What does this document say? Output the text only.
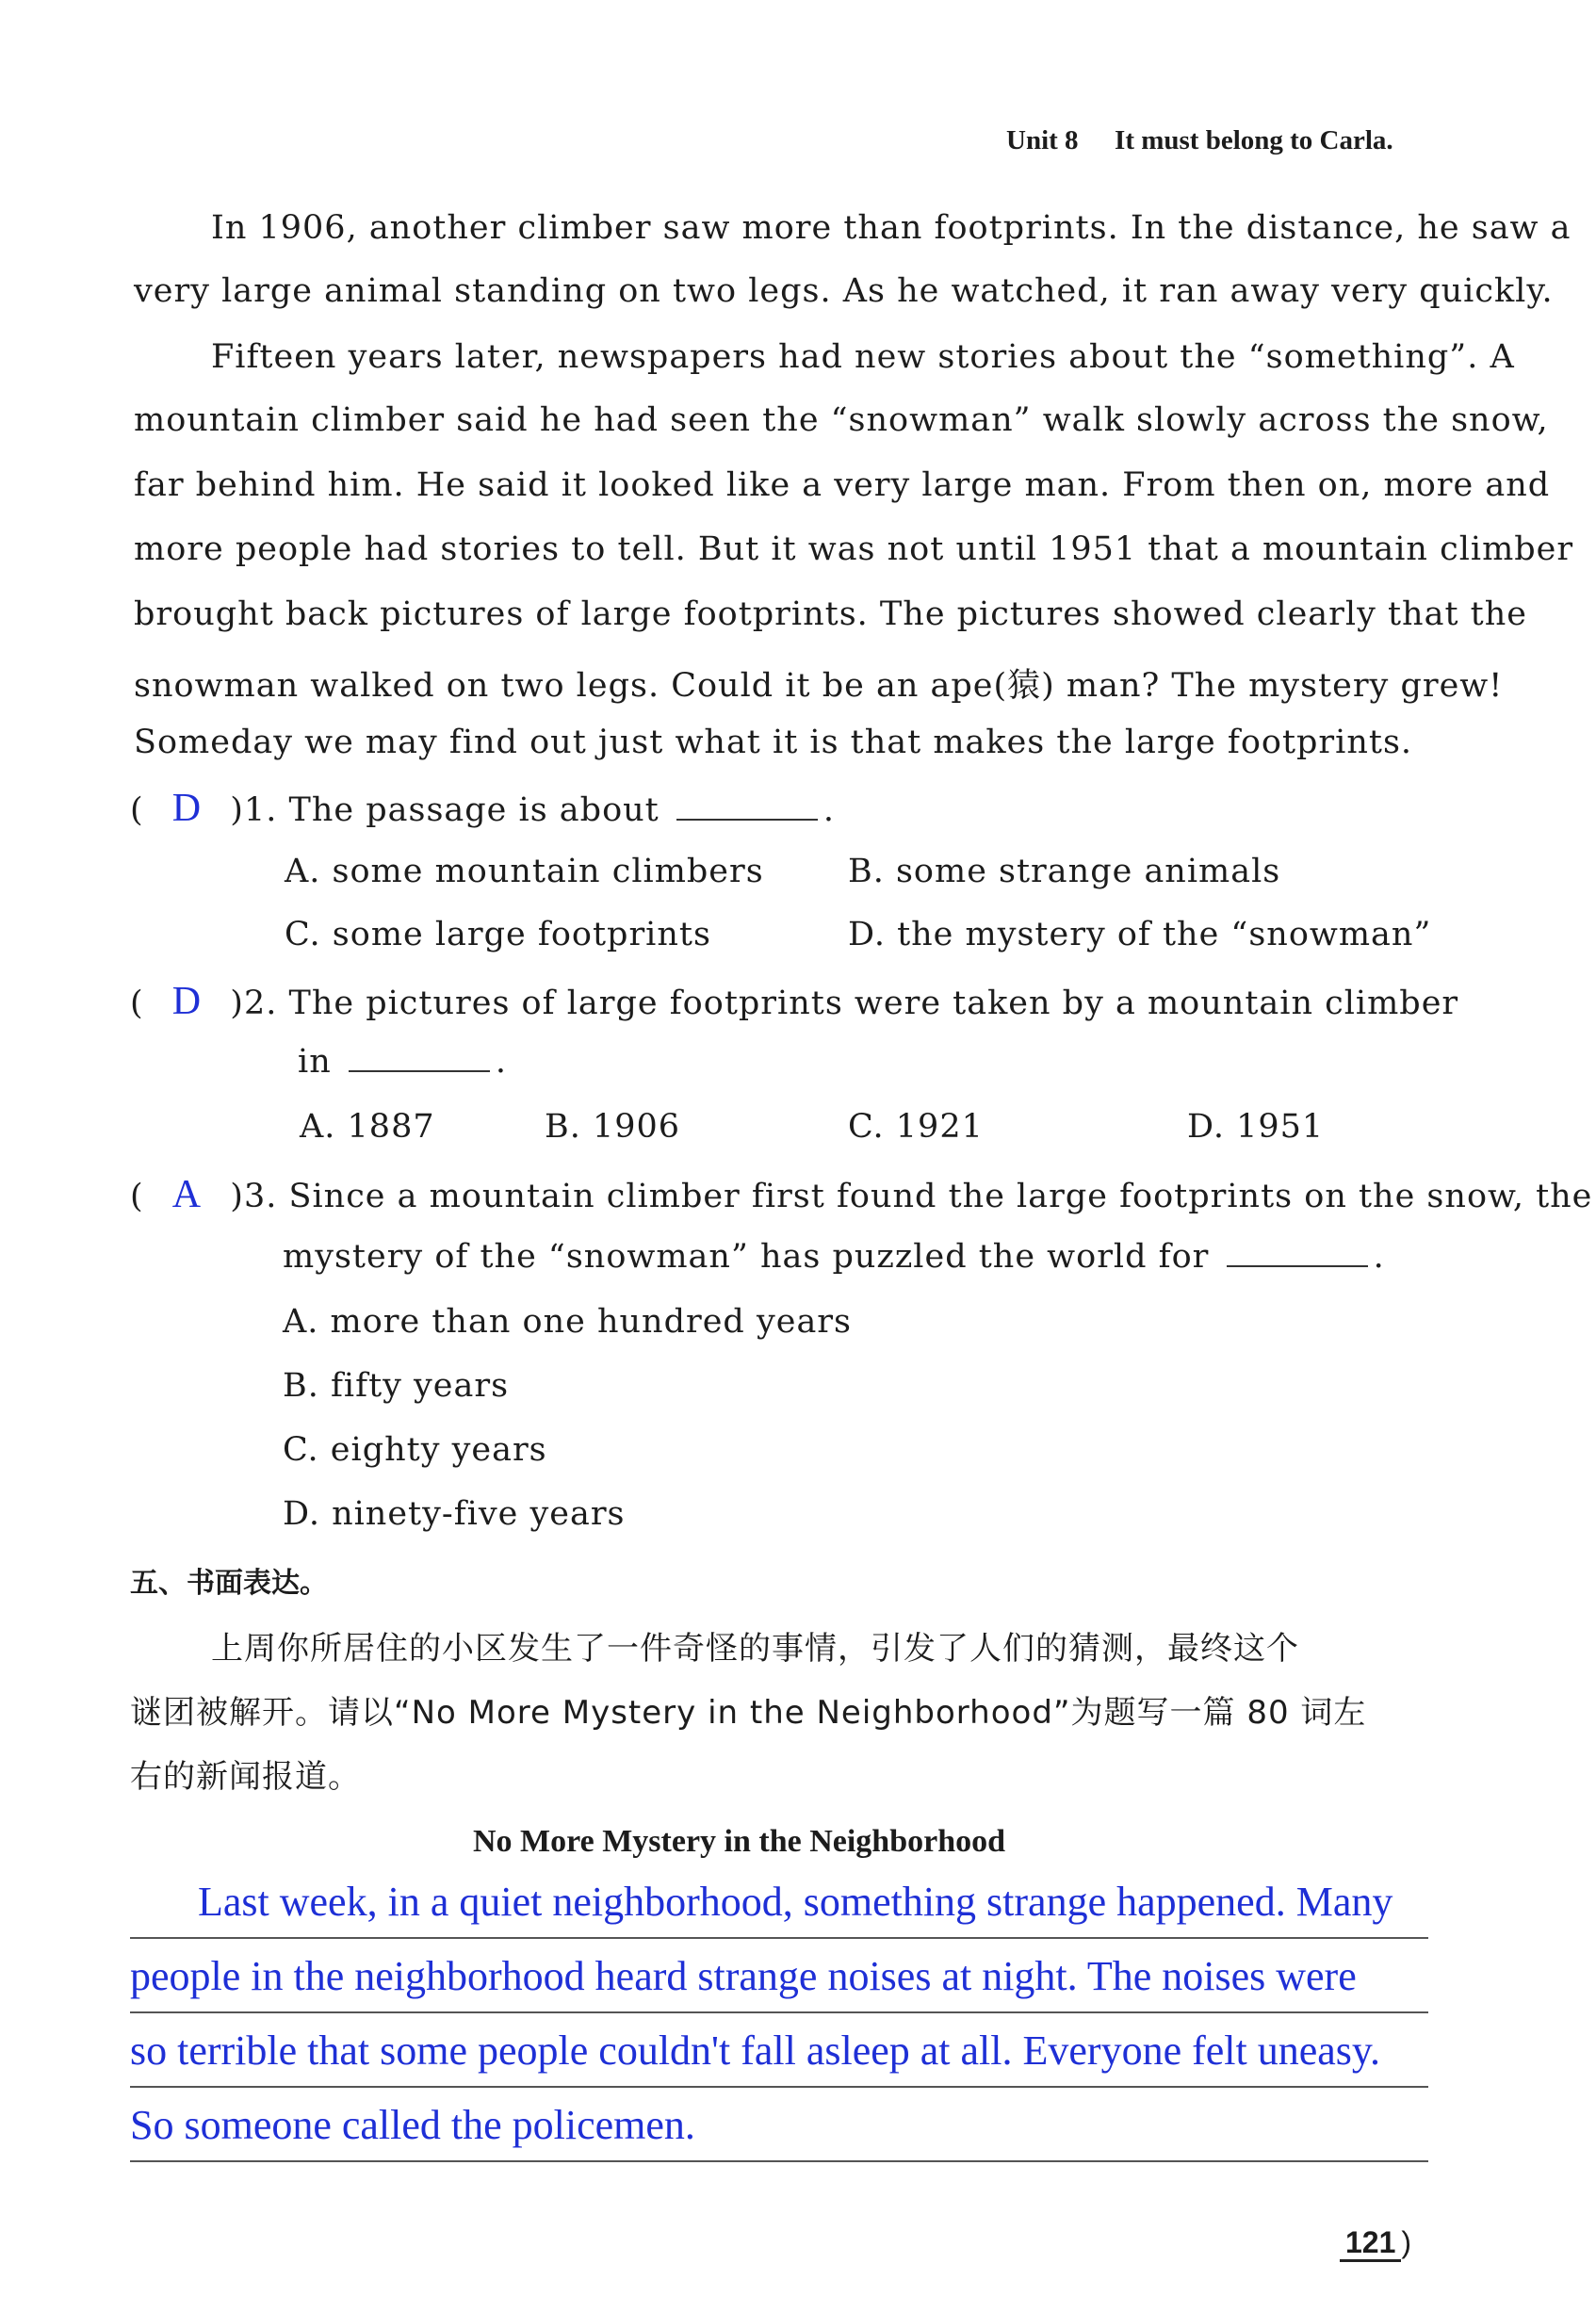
Unit 8 It must belong to Carla.
In 1906, another climber saw more than footprints. In the distance, he saw a
very large animal standing on two legs. As he watched, it ran away very quickly.
Fifteen years later, newspapers had new stories about the “something”. A
mountain climber said he had seen the “snowman” walk slowly across the snow,
far behind him. He said it looked like a very large man. From then on, more and
more people had stories to tell. But it was not until 1951 that a mountain climber
brought back pictures of large footprints. The pictures showed clearly that the
snowman walked on two legs. Could it be an ape(猿) man? The mystery grew!
Someday we may find out just what it is that makes the large footprints.
( D )1. The passage is about	.
A. some mountain climbers	B. some strange animals
C. some large footprints	D. the mystery of the “snowman”
( D )2. The pictures of large footprints were taken by a mountain climber
in	.
A. 1887	B. 1906	C. 1921	D. 1951
( A )3. Since a mountain climber first found the large footprints on the snow, the
mystery of the “snowman” has puzzled the world for	.
A. more than one hundred years
B. fifty years
C. eighty years
D. ninety-five years
五、书面表达。
上周你所居住的小区发生了一件奇怪的事情，引发了人们的猜测，最终这个
谜团被解开。请以“No More Mystery in the Neighborhood”为题写一篇 80 词左
右的新闻报道。
No More Mystery in the Neighborhood
Last week, in a quiet neighborhood, something strange happened. Many
people in the neighborhood heard strange noises at night. The noises were
so terrible that some people couldn't fall asleep at all. Everyone felt uneasy.
So someone called the policemen.
121 )
